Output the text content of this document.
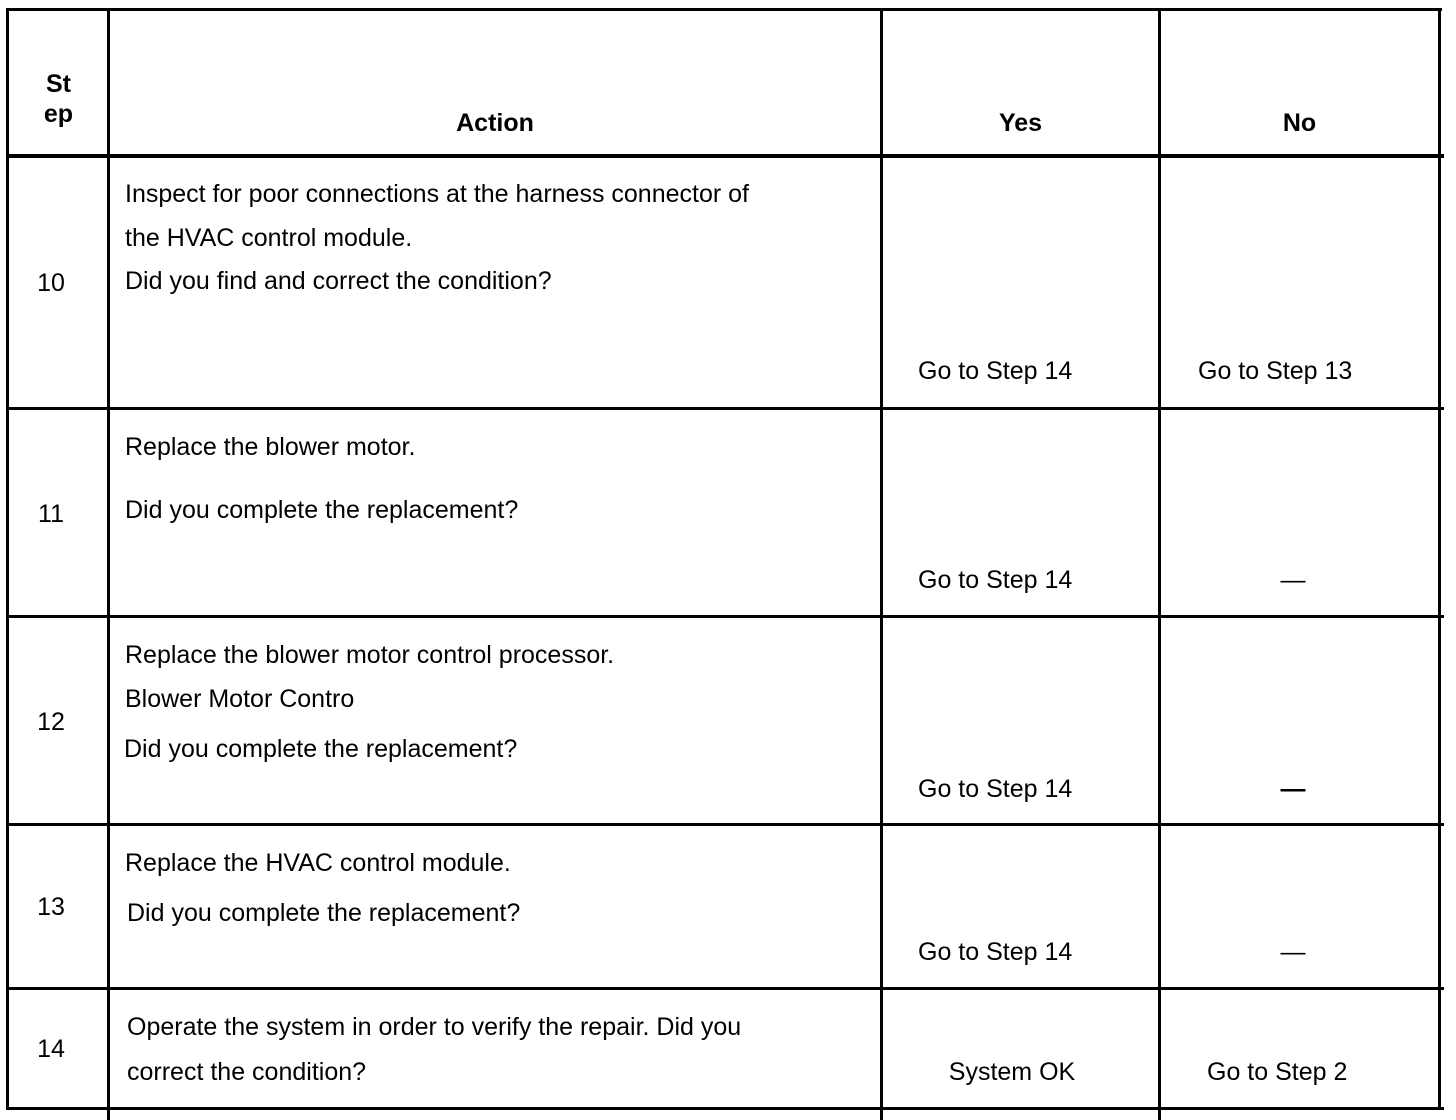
St
ep	Action	Yes	No
10
Inspect for poor connections at the harness connector of
the HVAC control module.
Did you find and correct the condition?
Go to Step 14	Go to Step 13
11
Replace the blower motor.
Did you complete the replacement?
Go to Step 14	—
12
Replace the blower motor control processor.
Blower Motor Contro
Did you complete the replacement?
Go to Step 14	—
13
Replace the HVAC control module.
Did you complete the replacement?
Go to Step 14	—
14
Operate the system in order to verify the repair. Did you
correct the condition?	System OK	Go to Step 2
